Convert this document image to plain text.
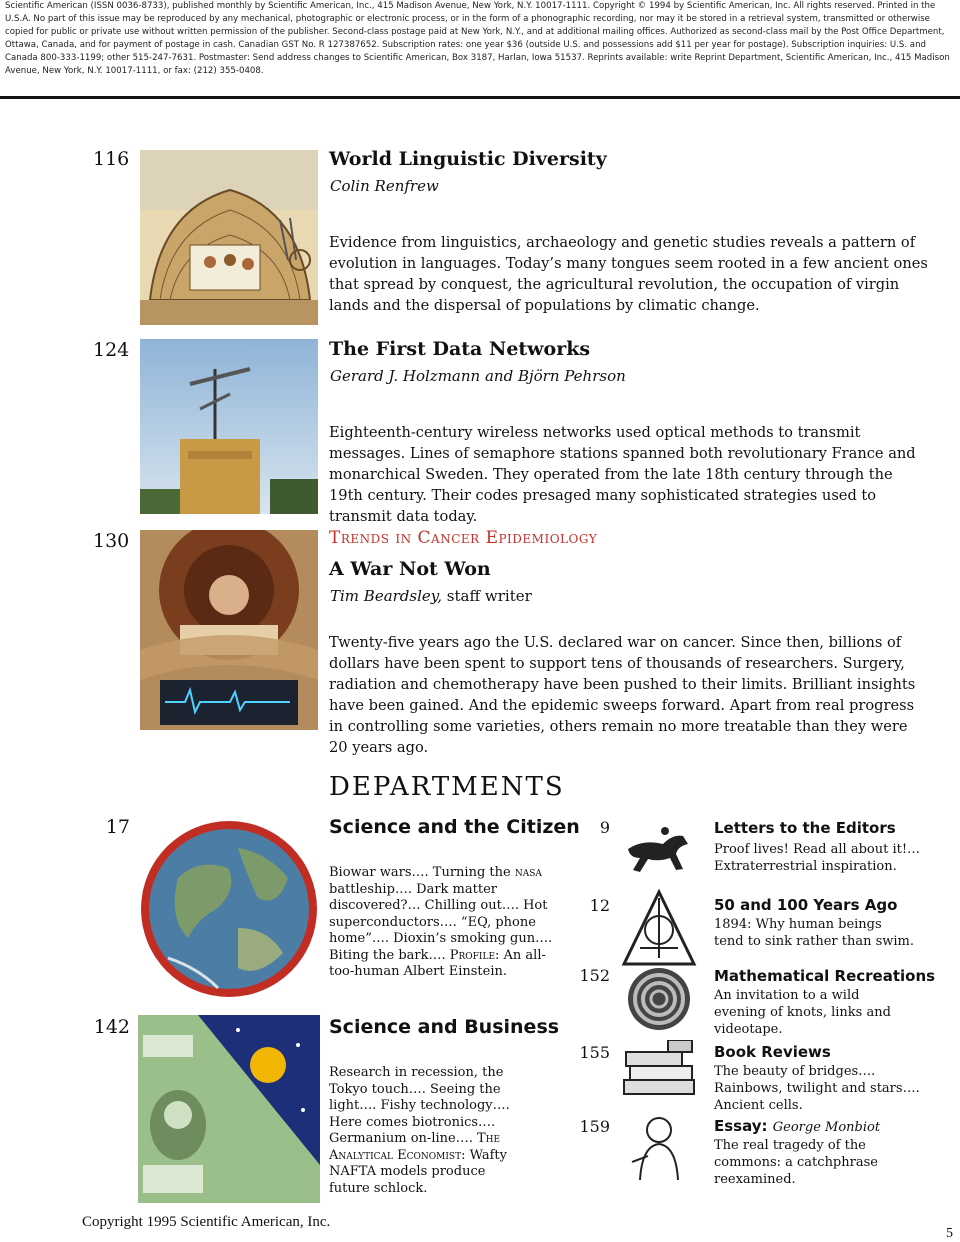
Scientific American (ISSN 0036-8733), published monthly by Scientific American, Inc., 415 Madison Avenue, New York, N.Y. 10017-1111. Copyright © 1994 by Scientific American, Inc. All rights reserved. Printed in the U.S.A. No part of this issue may be reproduced by any mechanical, photographic or electronic process, or in the form of a phonographic recording, nor may it be stored in a retrieval system, transmitted or otherwise copied for public or private use without written permission of the publisher. Second-class postage paid at New York, N.Y., and at additional mailing offices. Authorized as second-class mail by the Post Office Department, Ottawa, Canada, and for payment of postage in cash. Canadian GST No. R 127387652. Subscription rates: one year $36 (outside U.S. and possessions add $11 per year for postage). Subscription inquiries: U.S. and Canada 800-333-1199; other 515-247-7631. Postmaster: Send address changes to Scientific American, Box 3187, Harlan, Iowa 51537. Reprints available: write Reprint Department, Scientific American, Inc., 415 Madison Avenue, New York, N.Y. 10017-1111, or fax: (212) 355-0408.
116	World Linguistic Diversity
Colin Renfrew
Evidence from linguistics, archaeology and genetic studies reveals a pattern of evolution in languages. Today’s many tongues seem rooted in a few ancient ones that spread by conquest, the agricultural revolution, the occupation of virgin lands and the dispersal of populations by climatic change.
124	The First Data Networks
Gerard J. Holzmann and Björn Pehrson
Eighteenth-century wireless networks used optical methods to transmit messages. Lines of semaphore stations spanned both revolutionary France and monarchical Sweden. They operated from the late 18th century through the 19th century. Their codes presaged many sophisticated strategies used to transmit data today.
130	Trends in Cancer Epidemiology
A War Not Won
Tim Beardsley, staff writer
Twenty-five years ago the U.S. declared war on cancer. Since then, billions of dollars have been spent to support tens of thousands of researchers. Surgery, radiation and chemotherapy have been pushed to their limits. Brilliant insights have been gained. And the epidemic sweeps forward. Apart from real progress in controlling some varieties, others remain no more treatable than they were 20 years ago.
DEPARTMENTS
17	Science and the Citizen
Biowar wars…. Turning the nasa battleship…. Dark matter discovered?… Chilling out…. Hot superconductors…. “EQ, phone home”…. Dioxin’s smoking gun…. Biting the bark…. Profile: An all-too-human Albert Einstein.
142	Science and Business
Research in recession, the Tokyo touch…. Seeing the light…. Fishy technology…. Here comes biotronics…. Germanium on-line…. The Analytical Economist: Wafty NAFTA models produce future schlock.
9	Letters to the Editors
Proof lives! Read all about it!… Extraterrestrial inspiration.
12	50 and 100 Years Ago
1894: Why human beings tend to sink rather than swim.
152	Mathematical Recreations
An invitation to a wild evening of knots, links and videotape.
155	Book Reviews
The beauty of bridges…. Rainbows, twilight and stars…. Ancient cells.
159	Essay: George Monbiot
The real tragedy of the commons: a catchphrase reexamined.
Copyright 1995 Scientific American, Inc.
5
